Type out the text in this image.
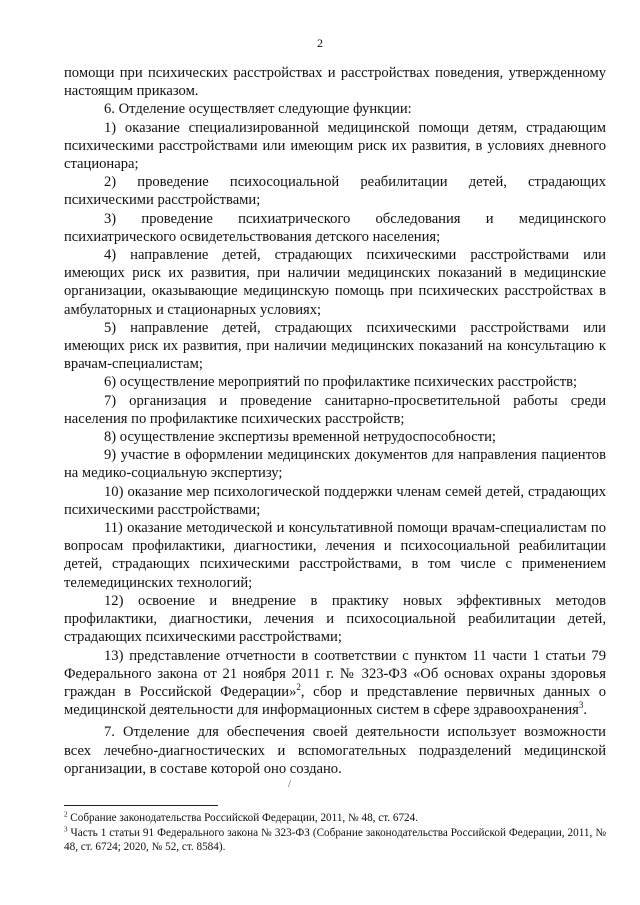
2

помощи при психических расстройствах и расстройствах поведения, утвержденному настоящим приказом.

6. Отделение осуществляет следующие функции:

1) оказание специализированной медицинской помощи детям, страдающим психическими расстройствами или имеющим риск их развития, в условиях дневного стационара;

2) проведение психосоциальной реабилитации детей, страдающих психическими расстройствами;

3) проведение психиатрического обследования и медицинского психиатрического освидетельствования детского населения;

4) направление детей, страдающих психическими расстройствами или имеющих риск их развития, при наличии медицинских показаний в медицинские организации, оказывающие медицинскую помощь при психических расстройствах в амбулаторных и стационарных условиях;

5) направление детей, страдающих психическими расстройствами или имеющих риск их развития, при наличии медицинских показаний на консультацию к врачам-специалистам;

6) осуществление мероприятий по профилактике психических расстройств;

7) организация и проведение санитарно-просветительной работы среди населения по профилактике психических расстройств;

8) осуществление экспертизы временной нетрудоспособности;

9) участие в оформлении медицинских документов для направления пациентов на медико-социальную экспертизу;

10) оказание мер психологической поддержки членам семей детей, страдающих психическими расстройствами;

11) оказание методической и консультативной помощи врачам-специалистам по вопросам профилактики, диагностики, лечения и психосоциальной реабилитации детей, страдающих психическими расстройствами, в том числе с применением телемедицинских технологий;

12) освоение и внедрение в практику новых эффективных методов профилактики, диагностики, лечения и психосоциальной реабилитации детей, страдающих психическими расстройствами;

13) представление отчетности в соответствии с пунктом 11 части 1 статьи 79 Федерального закона от 21 ноября 2011 г. № 323-ФЗ «Об основах охраны здоровья граждан в Российской Федерации»$^2$, сбор и представление первичных данных о медицинской деятельности для информационных систем в сфере здравоохранения$^3$.

7. Отделение для обеспечения своей деятельности использует возможности всех лечебно-диагностических и вспомогательных подразделений медицинской организации, в составе которой оно создано.

/

$^2$ Собрание законодательства Российской Федерации, 2011, № 48, ст. 6724.

$^3$ Часть 1 статьи 91 Федерального закона № 323-ФЗ (Собрание законодательства Российской Федерации, 2011, № 48, ст. 6724; 2020, № 52, ст. 8584).
